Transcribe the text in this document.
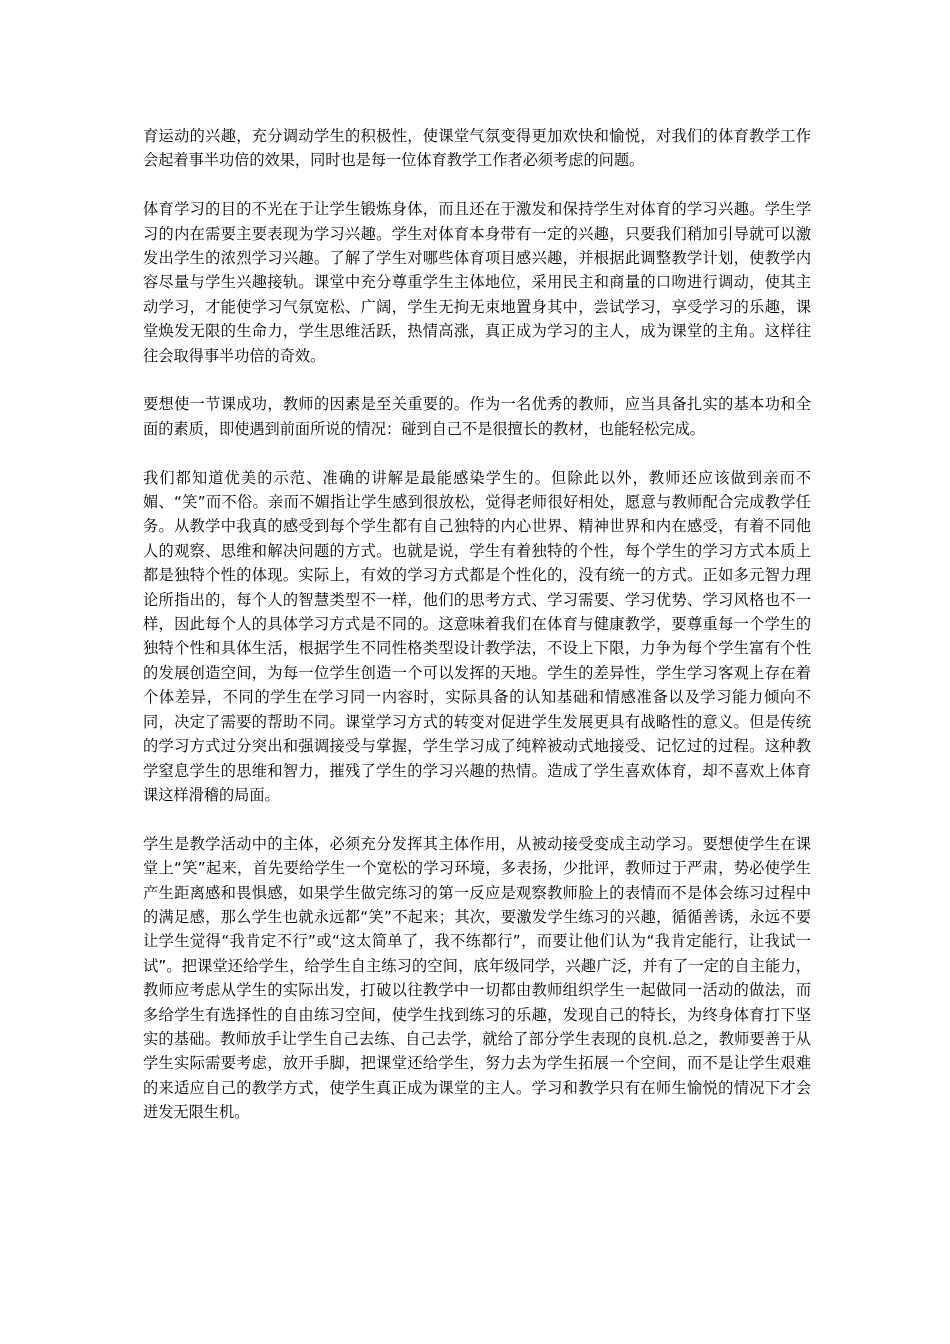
育运动的兴趣，充分调动学生的积极性，使课堂气氛变得更加欢快和愉悦，对我们的体育教学工作会起着事半功倍的效果，同时也是每一位体育教学工作者必须考虑的问题。

体育学习的目的不光在于让学生锻炼身体，而且还在于激发和保持学生对体育的学习兴趣。学生学习的内在需要主要表现为学习兴趣。学生对体育本身带有一定的兴趣，只要我们稍加引导就可以激发出学生的浓烈学习兴趣。了解了学生对哪些体育项目感兴趣，并根据此调整教学计划，使教学内容尽量与学生兴趣接轨。课堂中充分尊重学生主体地位，采用民主和商量的口吻进行调动，使其主动学习，才能使学习气氛宽松、广阔，学生无拘无束地置身其中，尝试学习，享受学习的乐趣，课堂焕发无限的生命力，学生思维活跃，热情高涨，真正成为学习的主人，成为课堂的主角。这样往往会取得事半功倍的奇效。

要想使一节课成功，教师的因素是至关重要的。作为一名优秀的教师，应当具备扎实的基本功和全面的素质，即使遇到前面所说的情况：碰到自己不是很擅长的教材，也能轻松完成。

我们都知道优美的示范、准确的讲解是最能感染学生的。但除此以外，教师还应该做到亲而不媚、“笑”而不俗。亲而不媚指让学生感到很放松，觉得老师很好相处，愿意与教师配合完成教学任务。从教学中我真的感受到每个学生都有自己独特的内心世界、精神世界和内在感受，有着不同他人的观察、思维和解决问题的方式。也就是说，学生有着独特的个性，每个学生的学习方式本质上都是独特个性的体现。实际上，有效的学习方式都是个性化的，没有统一的方式。正如多元智力理论所指出的，每个人的智慧类型不一样，他们的思考方式、学习需要、学习优势、学习风格也不一样，因此每个人的具体学习方式是不同的。这意味着我们在体育与健康教学，要尊重每一个学生的独特个性和具体生活，根据学生不同性格类型设计教学法，不设上下限，力争为每个学生富有个性的发展创造空间，为每一位学生创造一个可以发挥的天地。学生的差异性，学生学习客观上存在着个体差异，不同的学生在学习同一内容时，实际具备的认知基础和情感准备以及学习能力倾向不同，决定了需要的帮助不同。课堂学习方式的转变对促进学生发展更具有战略性的意义。但是传统的学习方式过分突出和强调接受与掌握，学生学习成了纯粹被动式地接受、记忆过的过程。这种教学窒息学生的思维和智力，摧残了学生的学习兴趣的热情。造成了学生喜欢体育，却不喜欢上体育课这样滑稽的局面。

学生是教学活动中的主体，必须充分发挥其主体作用，从被动接受变成主动学习。要想使学生在课堂上“笑”起来，首先要给学生一个宽松的学习环境，多表扬，少批评，教师过于严肃，势必使学生产生距离感和畏惧感，如果学生做完练习的第一反应是观察教师脸上的表情而不是体会练习过程中的满足感，那么学生也就永远都“笑”不起来；其次，要激发学生练习的兴趣，循循善诱，永远不要让学生觉得“我肯定不行”或“这太简单了，我不练都行”，而要让他们认为“我肯定能行，让我试一试”。把课堂还给学生，给学生自主练习的空间，底年级同学，兴趣广泛，并有了一定的自主能力，教师应考虑从学生的实际出发，打破以往教学中一切都由教师组织学生一起做同一活动的做法，而多给学生有选择性的自由练习空间，使学生找到练习的乐趣，发现自己的特长，为终身体育打下坚实的基础。教师放手让学生自己去练、自己去学，就给了部分学生表现的良机.总之，教师要善于从学生实际需要考虑，放开手脚，把课堂还给学生，努力去为学生拓展一个空间，而不是让学生艰难的来适应自己的教学方式，使学生真正成为课堂的主人。学习和教学只有在师生愉悦的情况下才会迸发无限生机。
